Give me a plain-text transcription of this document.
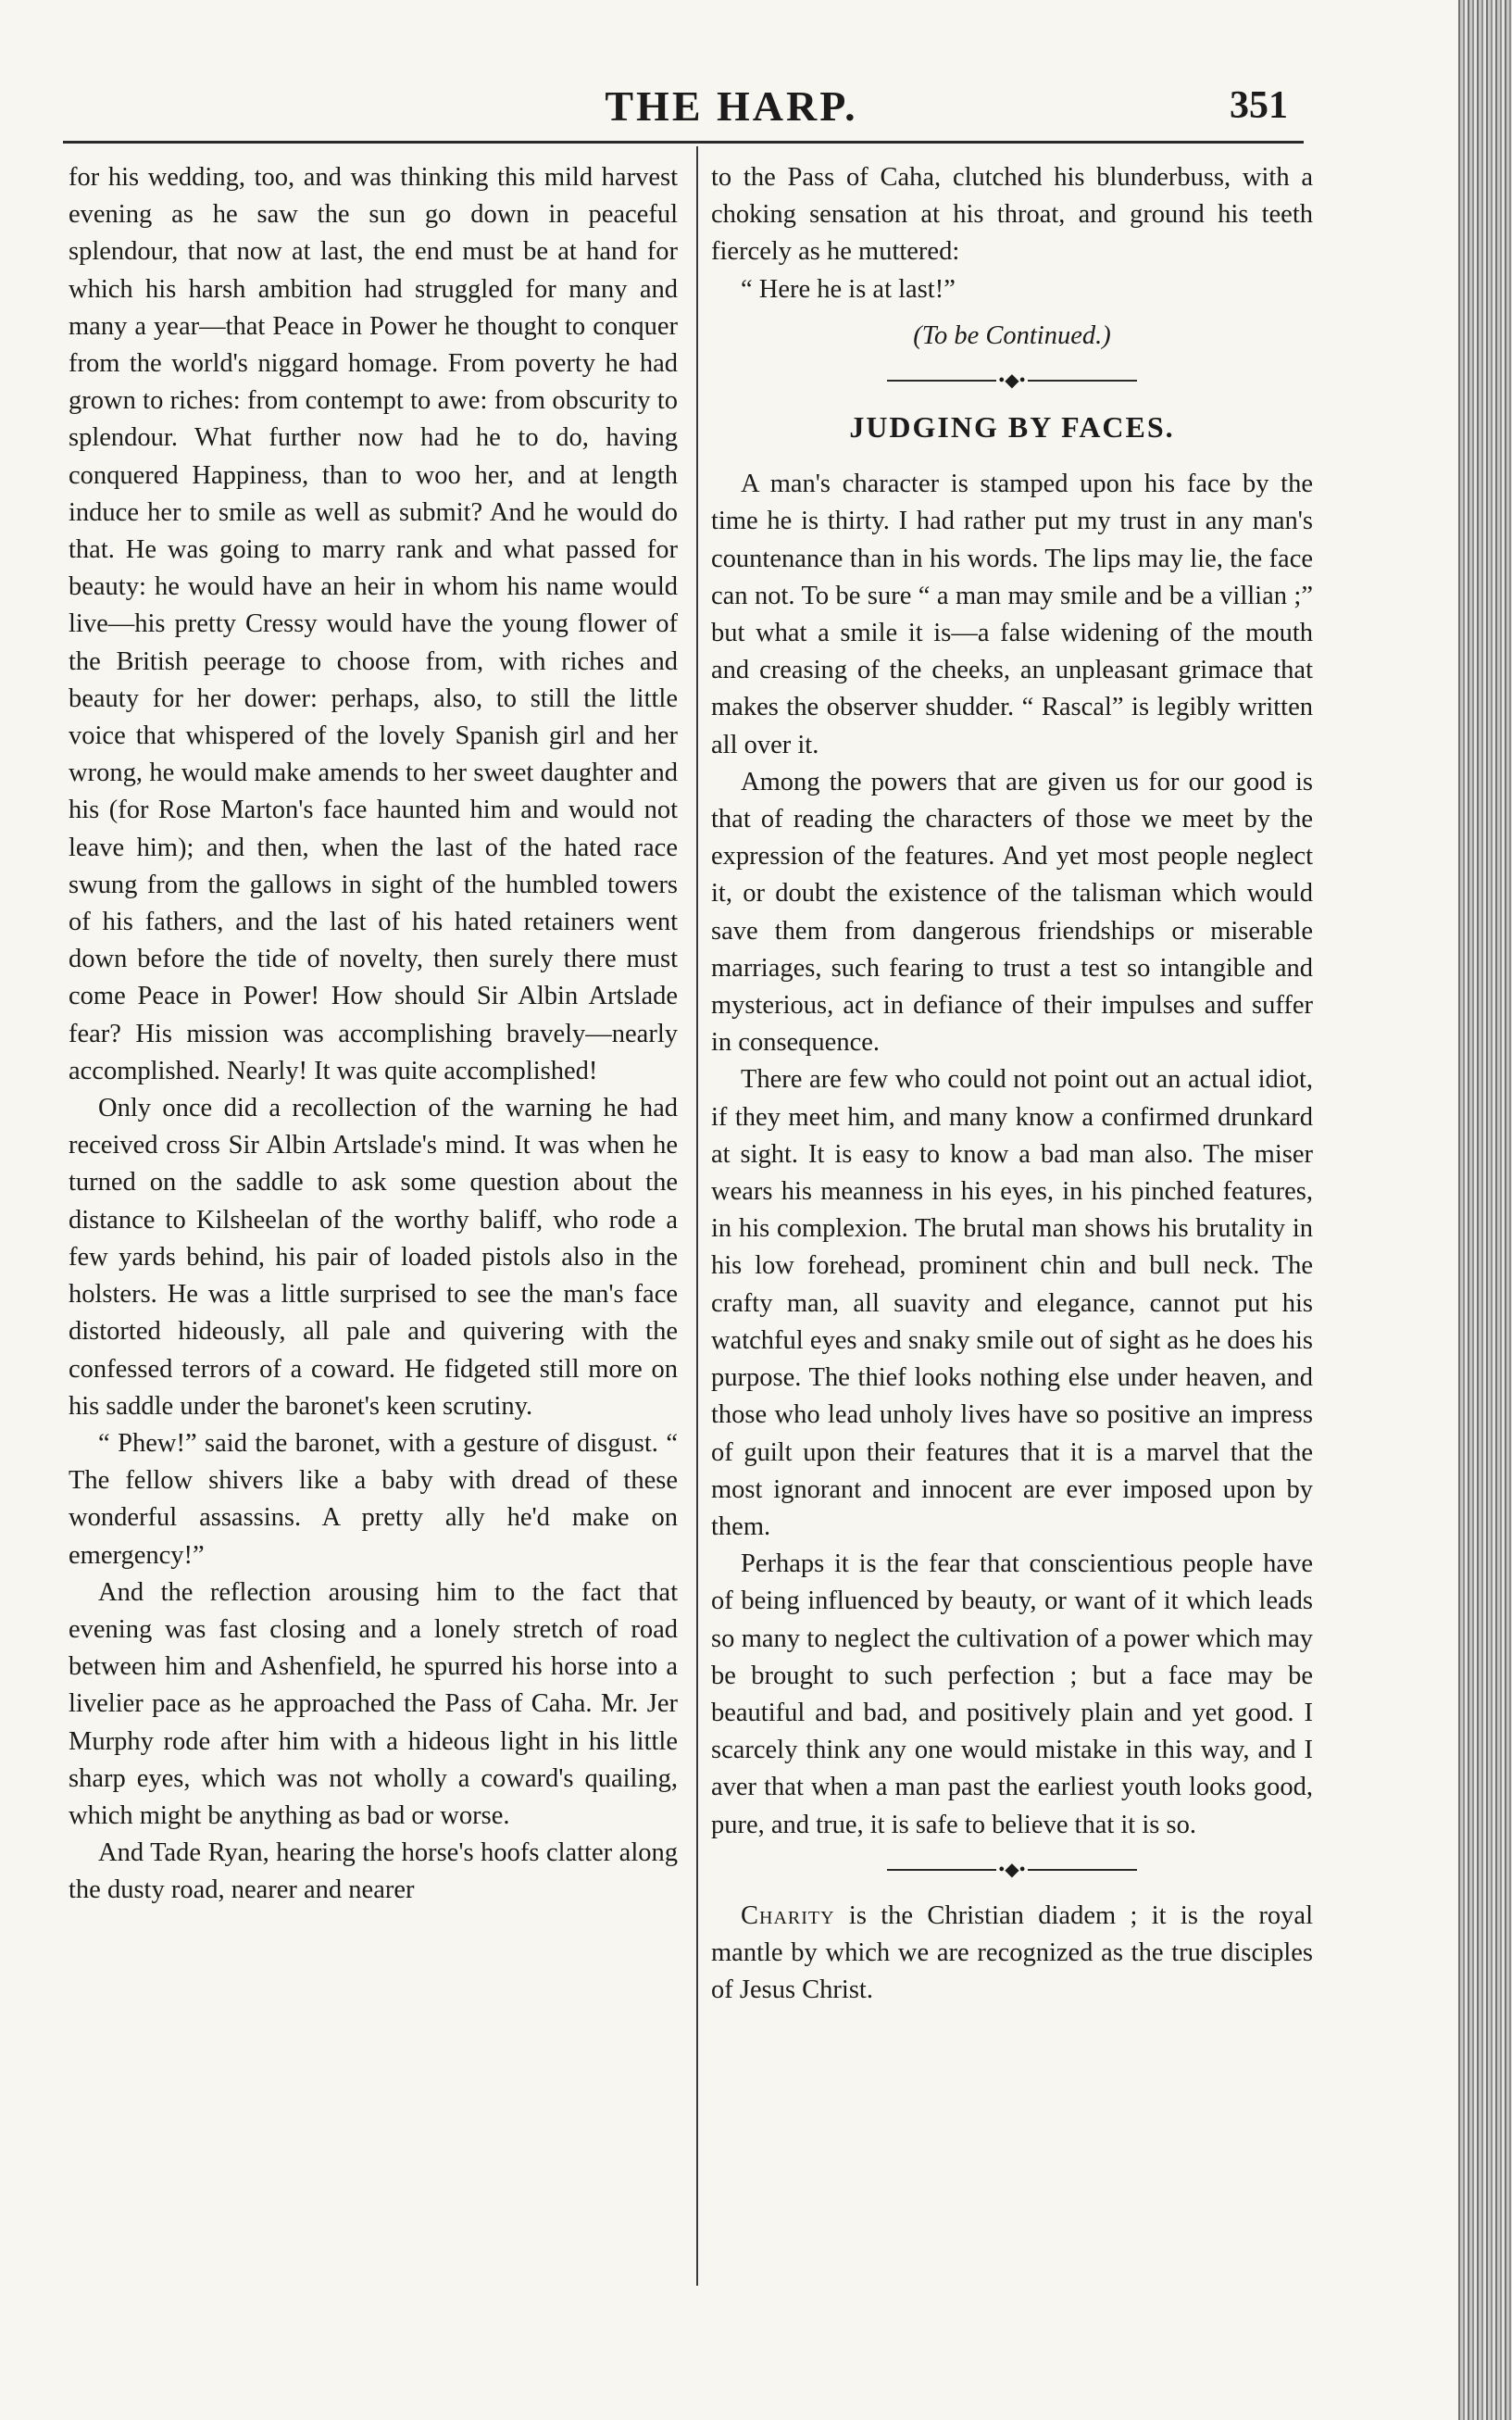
THE HARP.	351

for his wedding, too, and was thinking this mild harvest evening as he saw the sun go down in peaceful splendour, that now at last, the end must be at hand for which his harsh ambition had struggled for many and many a year—that Peace in Power he thought to conquer from the world's niggard homage. From poverty he had grown to riches: from contempt to awe: from obscurity to splendour. What further now had he to do, having conquered Happiness, than to woo her, and at length induce her to smile as well as submit? And he would do that. He was going to marry rank and what passed for beauty: he would have an heir in whom his name would live—his pretty Cressy would have the young flower of the British peerage to choose from, with riches and beauty for her dower: perhaps, also, to still the little voice that whispered of the lovely Spanish girl and her wrong, he would make amends to her sweet daughter and his (for Rose Marton's face haunted him and would not leave him); and then, when the last of the hated race swung from the gallows in sight of the humbled towers of his fathers, and the last of his hated retainers went down before the tide of novelty, then surely there must come Peace in Power! How should Sir Albin Artslade fear? His mission was accomplishing bravely—nearly accomplished. Nearly! It was quite accomplished!

Only once did a recollection of the warning he had received cross Sir Albin Artslade's mind. It was when he turned on the saddle to ask some question about the distance to Kilsheelan of the worthy baliff, who rode a few yards behind, his pair of loaded pistols also in the holsters. He was a little surprised to see the man's face distorted hideously, all pale and quivering with the confessed terrors of a coward. He fidgeted still more on his saddle under the baronet's keen scrutiny.

“ Phew!” said the baronet, with a gesture of disgust. “ The fellow shivers like a baby with dread of these wonderful assassins. A pretty ally he'd make on emergency!”

And the reflection arousing him to the fact that evening was fast closing and a lonely stretch of road between him and Ashenfield, he spurred his horse into a livelier pace as he approached the Pass of Caha. Mr. Jer Murphy rode after him with a hideous light in his little sharp eyes, which was not wholly a coward's quailing, which might be anything as bad or worse.

And Tade Ryan, hearing the horse's hoofs clatter along the dusty road, nearer and nearer

to the Pass of Caha, clutched his blunderbuss, with a choking sensation at his throat, and ground his teeth fiercely as he muttered:

“ Here he is at last!”

(To be Continued.)

•◆•

JUDGING BY FACES.

A man's character is stamped upon his face by the time he is thirty. I had rather put my trust in any man's countenance than in his words. The lips may lie, the face can not. To be sure “ a man may smile and be a villian ;” but what a smile it is—a false widening of the mouth and creasing of the cheeks, an unpleasant grimace that makes the observer shudder. “ Rascal” is legibly written all over it.

Among the powers that are given us for our good is that of reading the characters of those we meet by the expression of the features. And yet most people neglect it, or doubt the existence of the talisman which would save them from dangerous friendships or miserable marriages, such fearing to trust a test so intangible and mysterious, act in defiance of their impulses and suffer in consequence.

There are few who could not point out an actual idiot, if they meet him, and many know a confirmed drunkard at sight. It is easy to know a bad man also. The miser wears his meanness in his eyes, in his pinched features, in his complexion. The brutal man shows his brutality in his low forehead, prominent chin and bull neck. The crafty man, all suavity and elegance, cannot put his watchful eyes and snaky smile out of sight as he does his purpose. The thief looks nothing else under heaven, and those who lead unholy lives have so positive an impress of guilt upon their features that it is a marvel that the most ignorant and innocent are ever imposed upon by them.

Perhaps it is the fear that conscientious people have of being influenced by beauty, or want of it which leads so many to neglect the cultivation of a power which may be brought to such perfection ; but a face may be beautiful and bad, and positively plain and yet good. I scarcely think any one would mistake in this way, and I aver that when a man past the earliest youth looks good, pure, and true, it is safe to believe that it is so.

•◆•

Charity is the Christian diadem ; it is the royal mantle by which we are recognized as the true disciples of Jesus Christ.
